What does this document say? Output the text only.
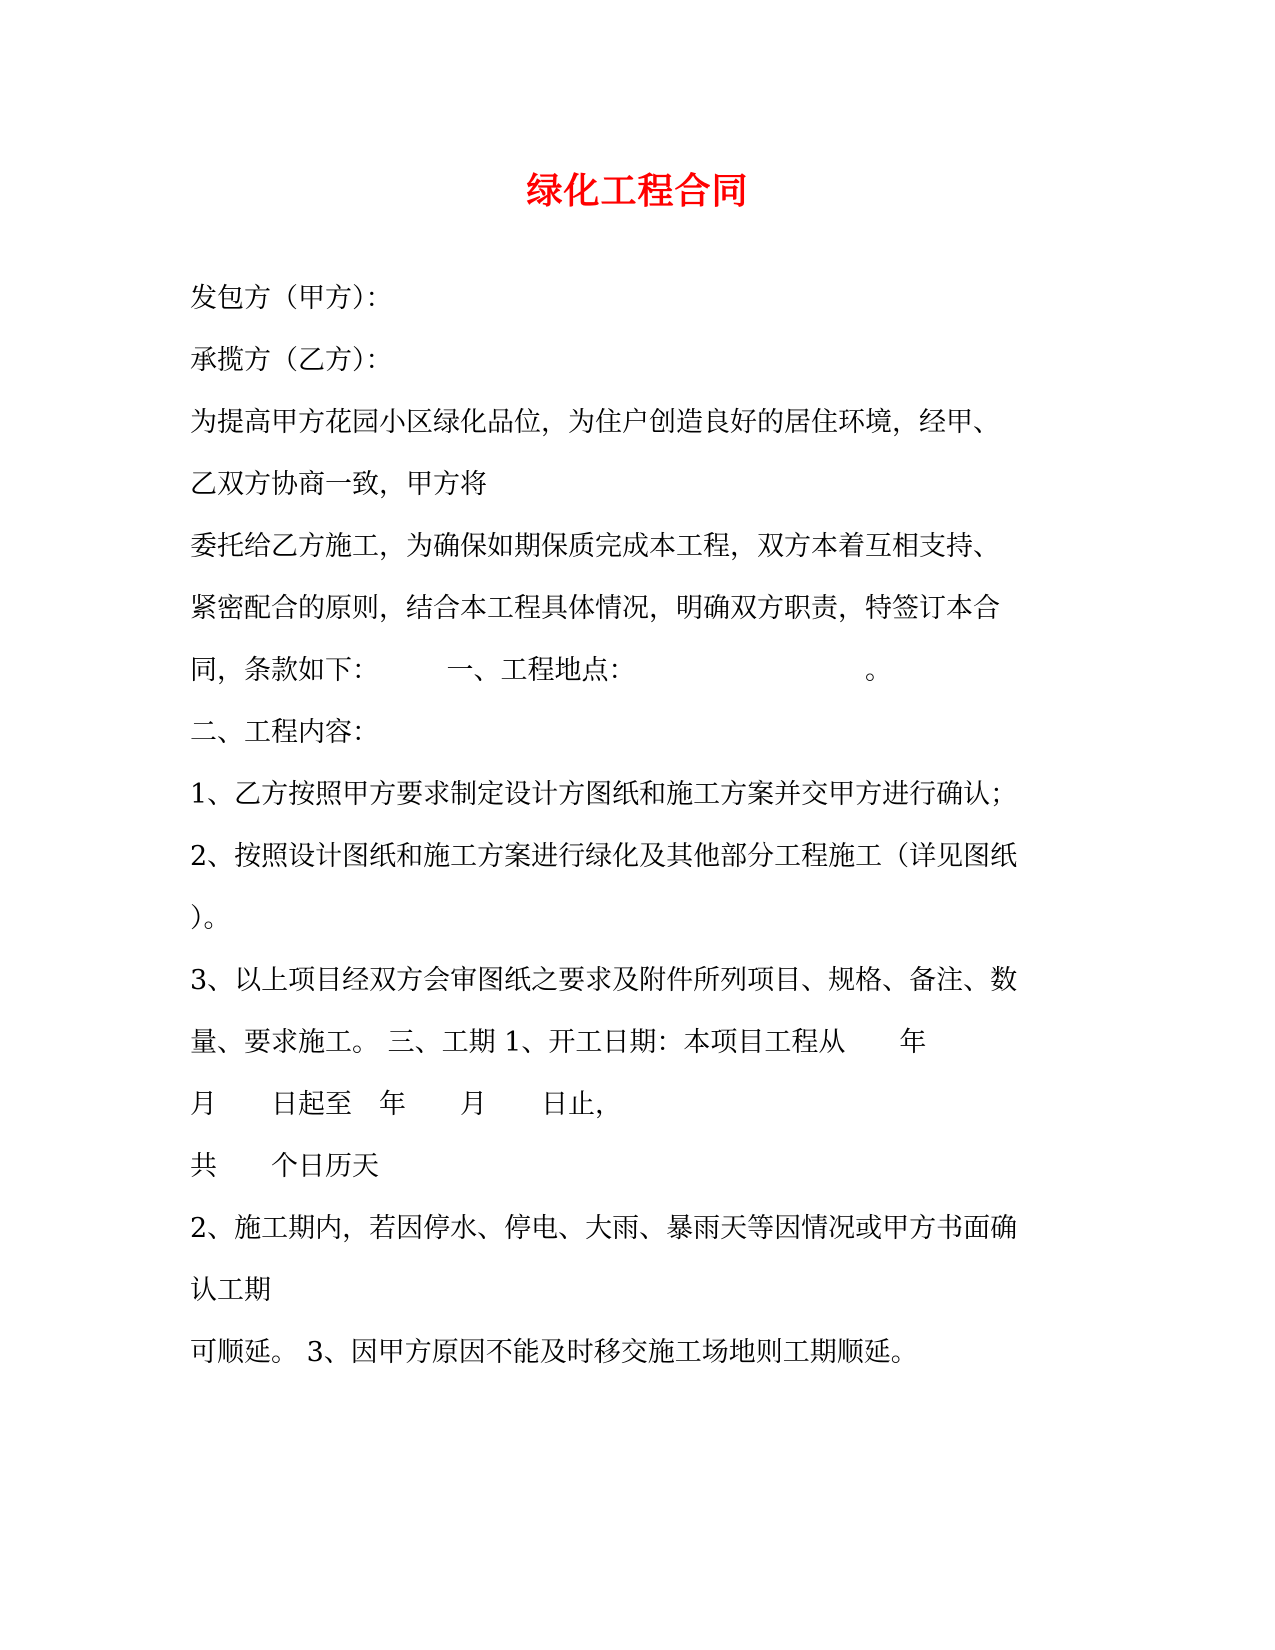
绿化工程合同
发包方（甲方）：
承揽方（乙方）：
为提高甲方花园小区绿化品位，为住户创造良好的居住环境，经甲、
乙双方协商一致，甲方将
委托给乙方施工，为确保如期保质完成本工程，双方本着互相支持、
紧密配合的原则，结合本工程具体情况，明确双方职责，特签订本合
同，条款如下：　　　一、工程地点：　　　　　　　　　。
二、工程内容：
1、乙方按照甲方要求制定设计方图纸和施工方案并交甲方进行确认；
2、按照设计图纸和施工方案进行绿化及其他部分工程施工（详见图纸
）。
3、以上项目经双方会审图纸之要求及附件所列项目、规格、备注、数
量、要求施工。 三、工期 1、开工日期：本项目工程从　　年
月　　日起至　年　　月　　日止，
共　　个日历天
2、施工期内，若因停水、停电、大雨、暴雨天等因情况或甲方书面确
认工期
可顺延。 3、因甲方原因不能及时移交施工场地则工期顺延。
